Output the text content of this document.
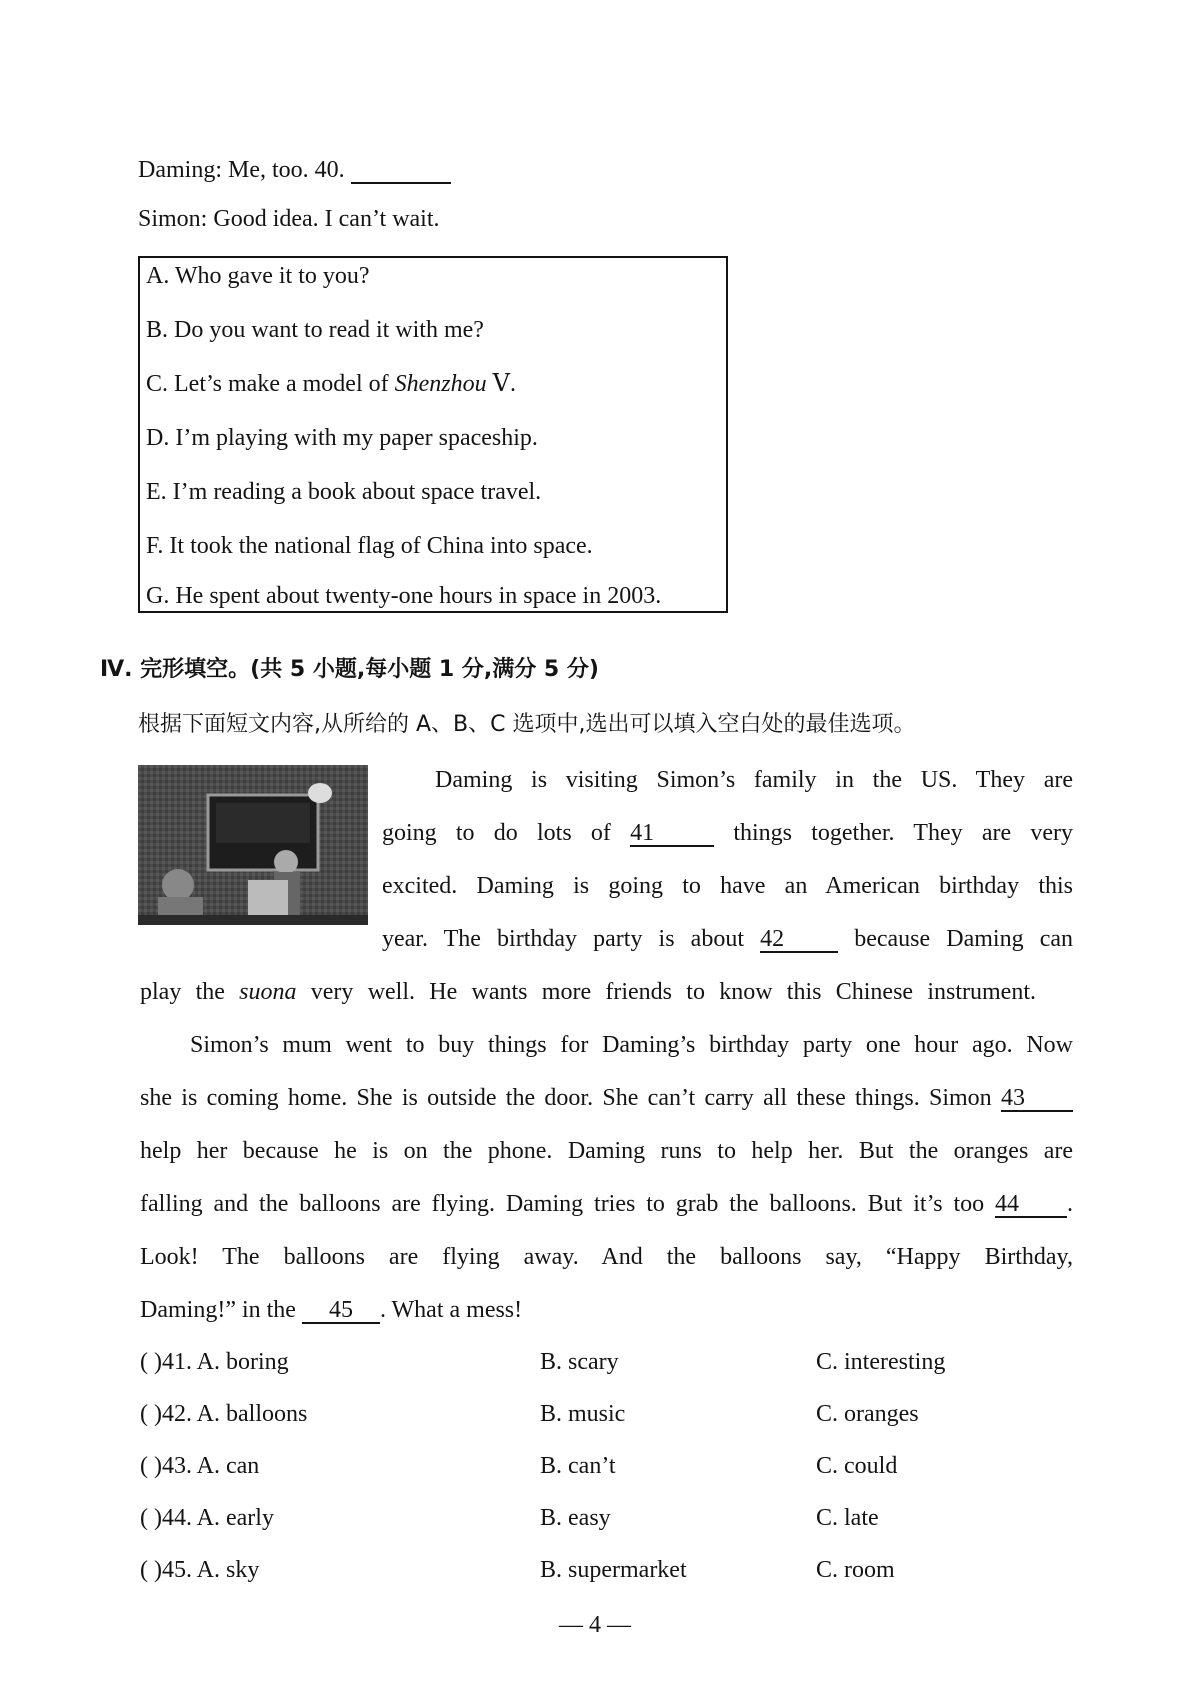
Daming: Me, too. 40.
Simon: Good idea. I can’t wait.
A. Who gave it to you?
B. Do you want to read it with me?
C. Let’s make a model of Shenzhou Ⅴ.
D. I’m playing with my paper spaceship.
E. I’m reading a book about space travel.
F. It took the national flag of China into space.
G. He spent about twenty-one hours in space in 2003.
Ⅳ. 完形填空。(共 5 小题,每小题 1 分,满分 5 分)
根据下面短文内容,从所给的 A、B、C 选项中,选出可以填入空白处的最佳选项。
Daming is visiting Simon’s family in the US. They are
going to do lots of 41	things together. They are very
excited. Daming is going to have an American birthday this
year. The birthday party is about 42	because Daming can
play the suona very well. He wants more friends to know this Chinese instrument.
Simon’s mum went to buy things for Daming’s birthday party one hour ago. Now
she is coming home. She is outside the door. She can’t carry all these things. Simon 43
help her because he is on the phone. Daming runs to help her. But the oranges are
falling and the balloons are flying. Daming tries to grab the balloons. But it’s too 44 .
Look! The balloons are flying away. And the balloons say, “Happy Birthday,
Daming!” in the 45 . What a mess!
( )41. A. boring	B. scary	C. interesting
( )42. A. balloons	B. music	C. oranges
( )43. A. can	B. can’t	C. could
( )44. A. early	B. easy	C. late
( )45. A. sky	B. supermarket	C. room
— 4 —
